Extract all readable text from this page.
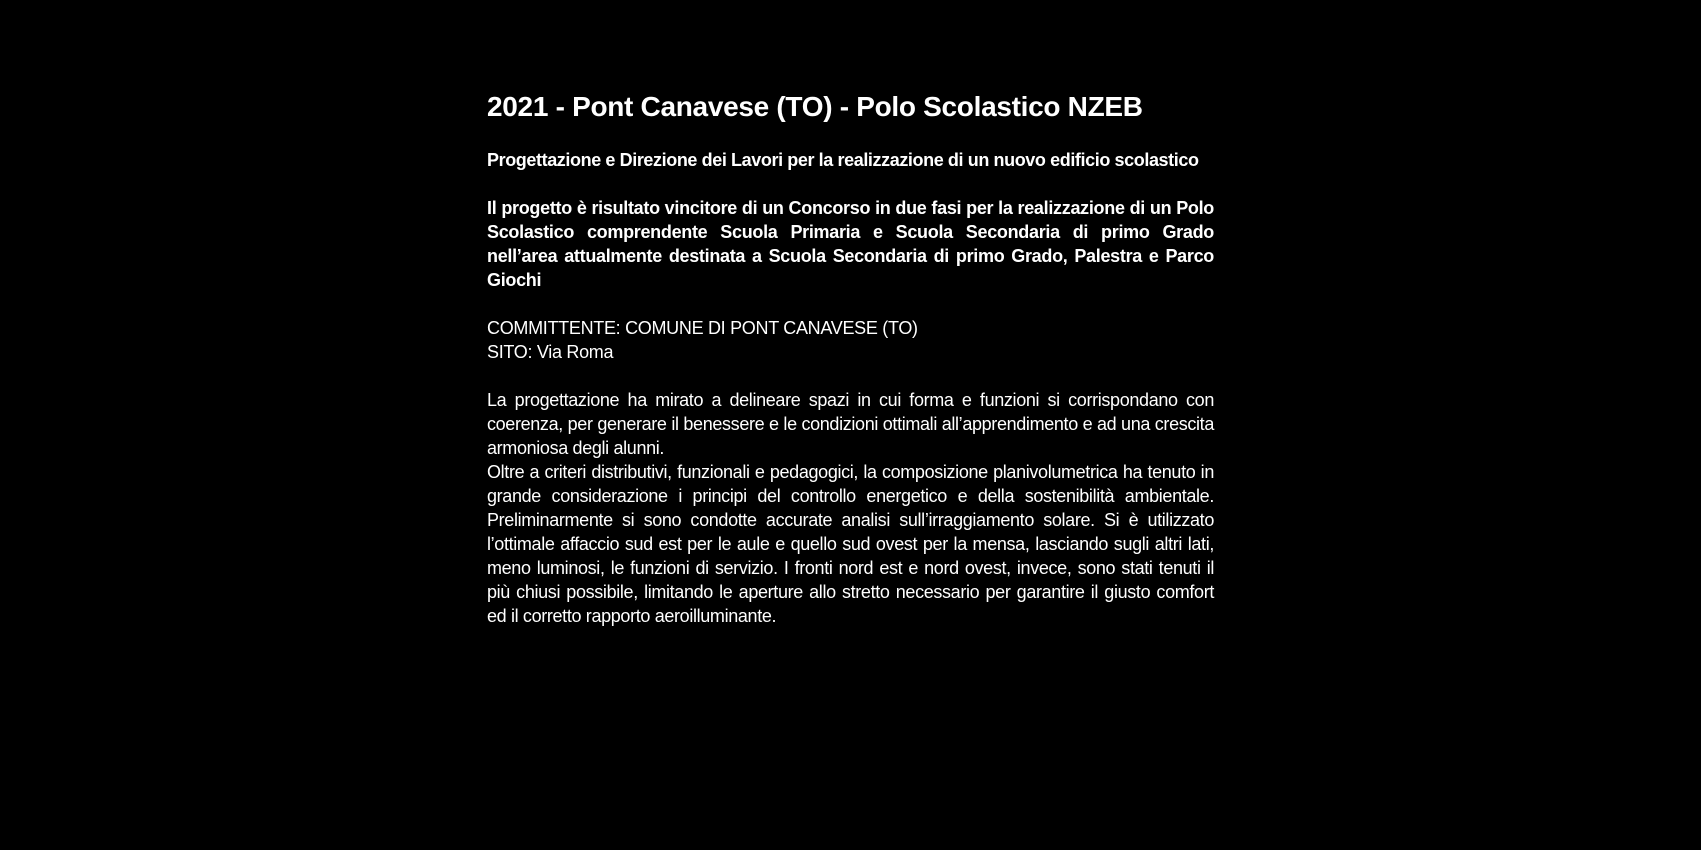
2021 - Pont Canavese (TO) - Polo Scolastico NZEB

Progettazione e Direzione dei Lavori per la realizzazione di un nuovo edificio scolastico

Il progetto è risultato vincitore di un Concorso in due fasi per la realizzazione di un Polo Scolastico comprendente Scuola Primaria e Scuola Secondaria di primo Grado nell’area attualmente destinata a Scuola Secondaria di primo Grado, Palestra e Parco Giochi

COMMITTENTE: COMUNE DI PONT CANAVESE (TO)
SITO: Via Roma

La progettazione ha mirato a delineare spazi in cui forma e funzioni si corrispondano con coerenza, per generare il benessere e le condizioni ottimali all’apprendimento e ad una crescita armoniosa degli alunni.

Oltre a criteri distributivi, funzionali e pedagogici, la composizione planivolumetrica ha tenuto in grande considerazione i principi del controllo energetico e della sostenibilità ambientale. Preliminarmente si sono condotte accurate analisi sull’irraggiamento solare. Si è utilizzato l’ottimale affaccio sud est per le aule e quello sud ovest per la mensa, lasciando sugli altri lati, meno luminosi, le funzioni di servizio. I fronti nord est e nord ovest, invece, sono stati tenuti il più chiusi possibile, limitando le aperture allo stretto necessario per garantire il giusto comfort ed il corretto rapporto aeroilluminante.
